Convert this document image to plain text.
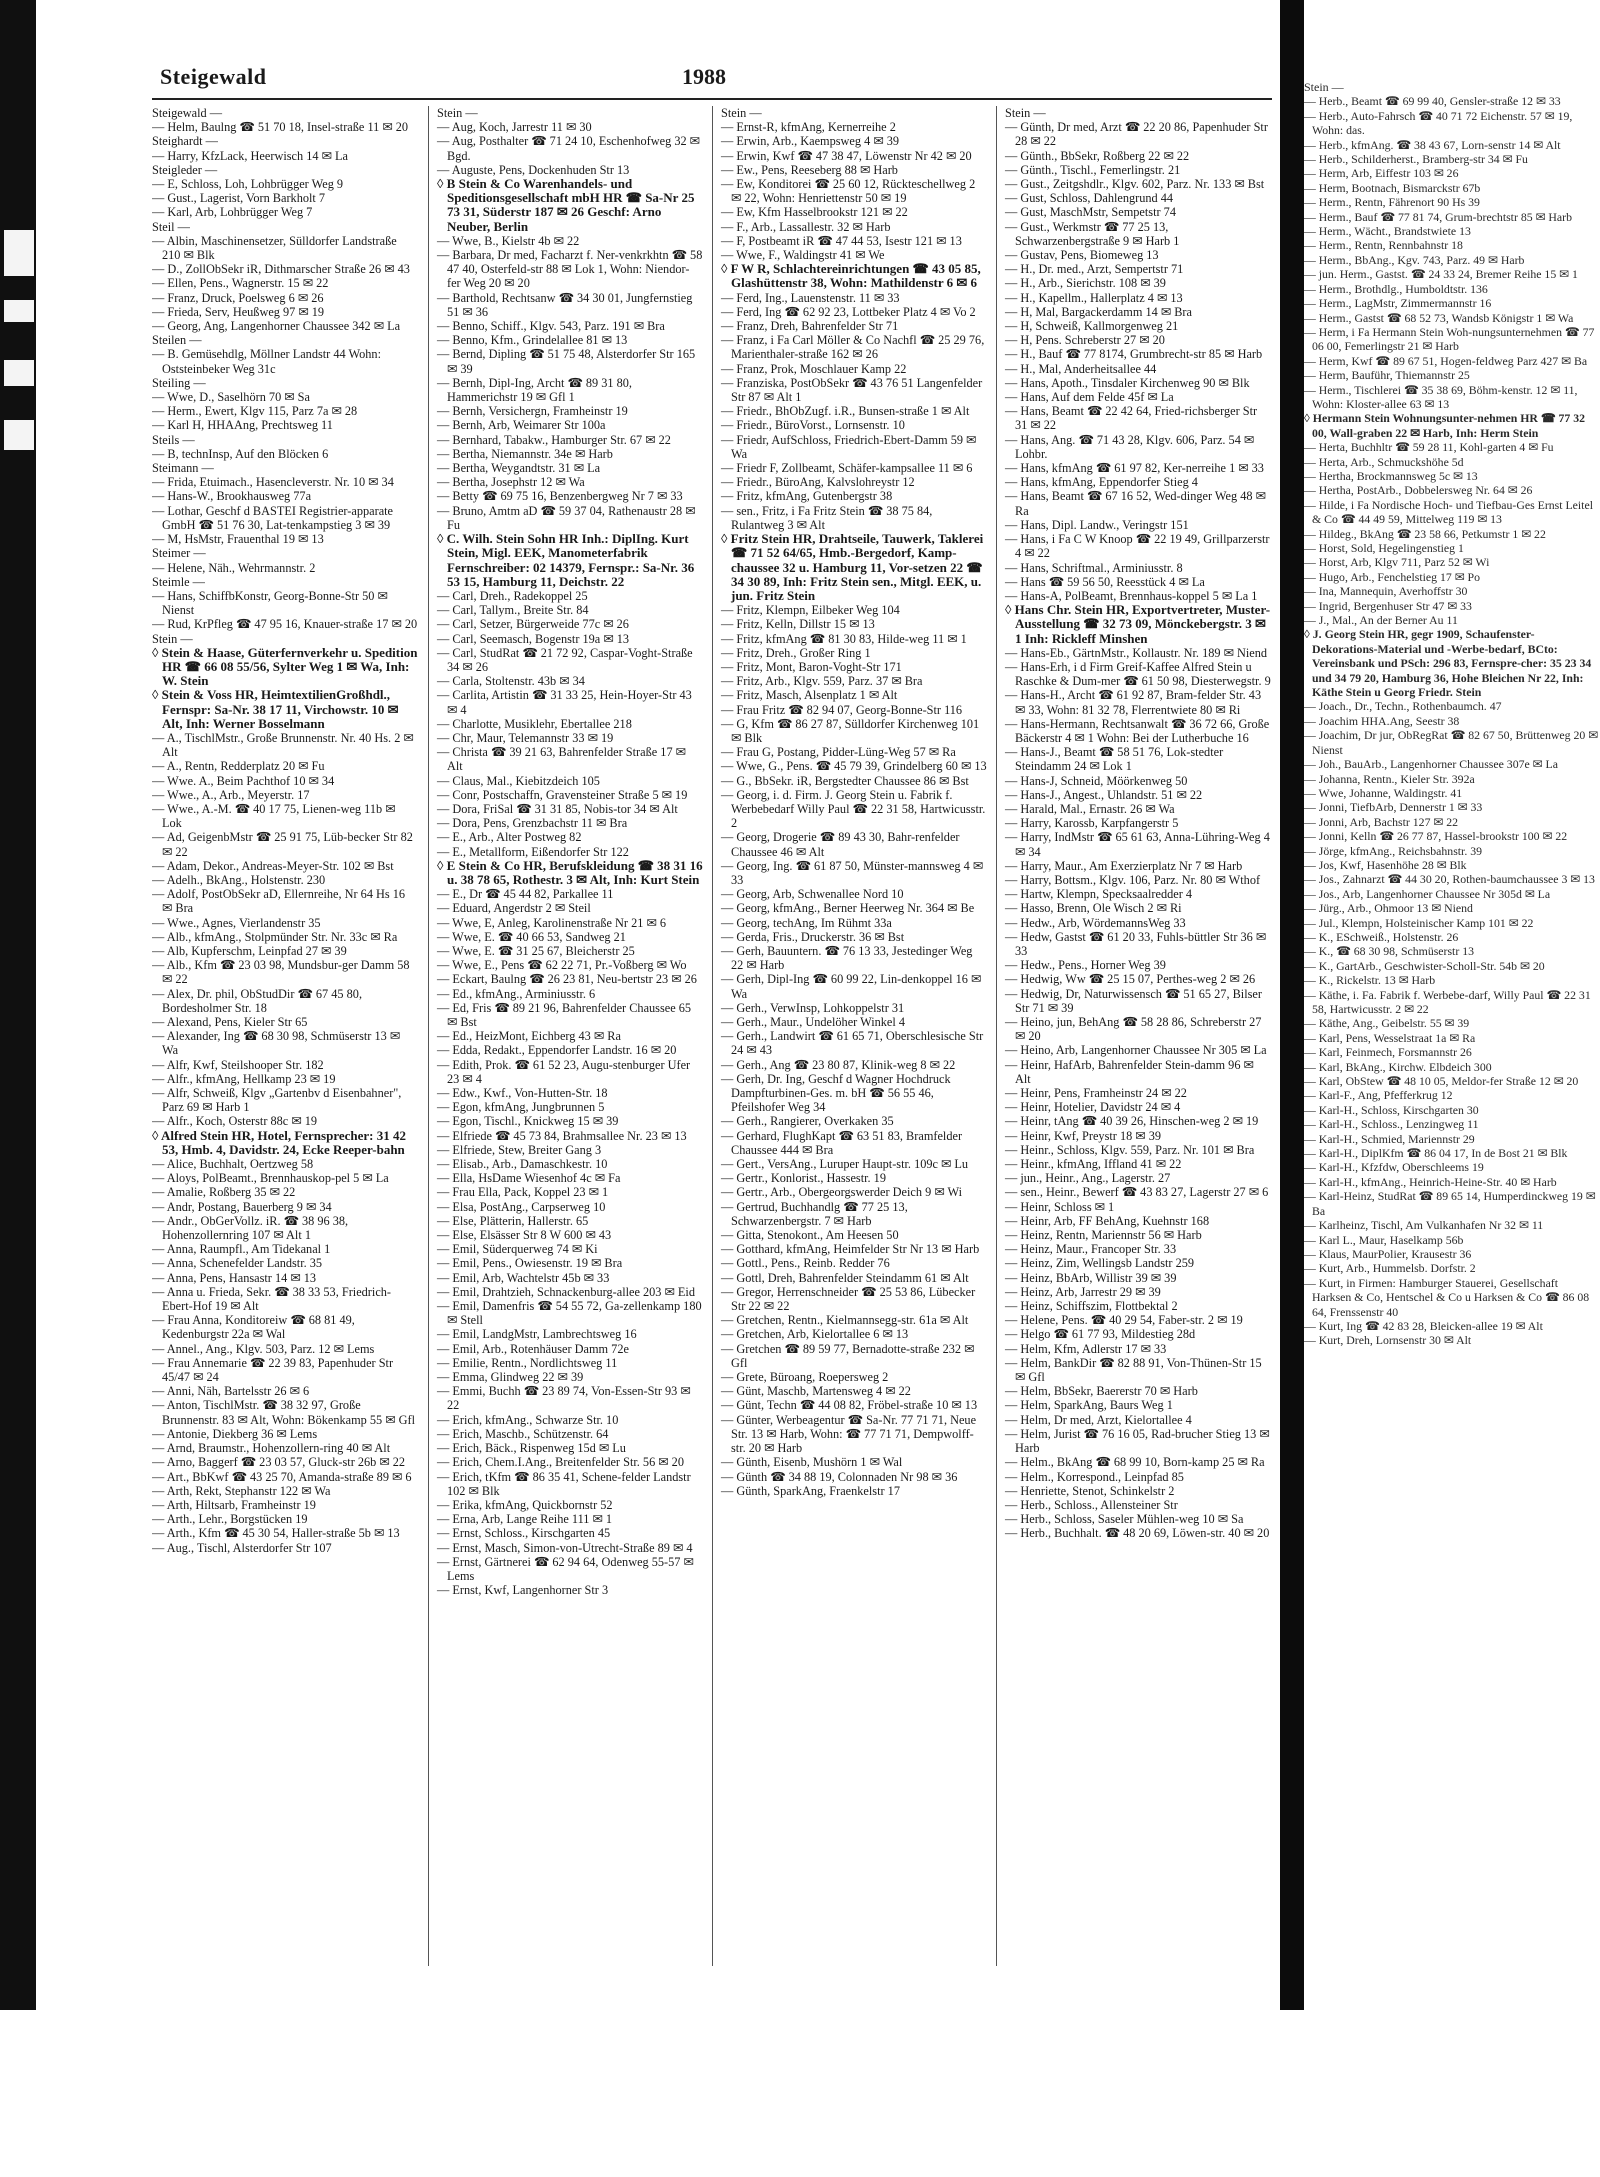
Steigewald	1988

Steigewald —

— Helm, Baulng ☎ 51 70 18, Insel-straße 11 ✉ 20

Steighardt —

— Harry, KfzLack, Heerwisch 14 ✉ La

Steigleder —

— E, Schloss, Loh, Lohbrügger Weg 9

— Gust., Lagerist, Vorn Barkholt 7

— Karl, Arb, Lohbrügger Weg 7

Steil —

— Albin, Maschinensetzer, Sülldorfer Landstraße 210 ✉ Blk

— D., ZollObSekr iR, Dithmarscher Straße 26 ✉ 43

— Ellen, Pens., Wagnerstr. 15 ✉ 22

— Franz, Druck, Poelsweg 6 ✉ 26

— Frieda, Serv, Heußweg 97 ✉ 19

— Georg, Ang, Langenhorner Chaussee 342 ✉ La

Steilen —

— B. Gemüsehdlg, Möllner Landstr 44 Wohn: Oststeinbeker Weg 31c

Steiling —

— Wwe, D., Saselhörn 70 ✉ Sa

— Herm., Ewert, Klgv 115, Parz 7a ✉ 28

— Karl H, HHAAng, Prechtsweg 11

Steils —

— B, technInsp, Auf den Blöcken 6

Steimann —

— Frida, Etuimach., Hasencleverstr. Nr. 10 ✉ 34

— Hans-W., Brookhausweg 77a

— Lothar, Geschf d BASTEI Registrier-apparate GmbH ☎ 51 76 30, Lat-tenkampstieg 3 ✉ 39

— M, HsMstr, Frauenthal 19 ✉ 13

Steimer —

— Helene, Näh., Wehrmannstr. 2

Steimle —

— Hans, SchiffbKonstr, Georg-Bonne-Str 50 ✉ Nienst

— Rud, KrPfleg ☎ 47 95 16, Knauer-straße 17 ✉ 20

Stein —

◊ Stein & Haase, Güterfernverkehr u. Spedition HR ☎ 66 08 55/56, Sylter Weg 1 ✉ Wa, Inh: W. Stein

◊ Stein & Voss HR, HeimtextilienGroßhdl., Fernspr: Sa-Nr. 38 17 11, Virchowstr. 10 ✉ Alt, Inh: Werner Bosselmann

— A., TischlMstr., Große Brunnenstr. Nr. 40 Hs. 2 ✉ Alt

— A., Rentn, Redderplatz 20 ✉ Fu

— Wwe. A., Beim Pachthof 10 ✉ 34

— Wwe., A., Arb., Meyerstr. 17

— Wwe., A.-M. ☎ 40 17 75, Lienen-weg 11b ✉ Lok

— Ad, GeigenbMstr ☎ 25 91 75, Lüb-becker Str 82 ✉ 22

— Adam, Dekor., Andreas-Meyer-Str. 102 ✉ Bst

— Adelh., BkAng., Holstenstr. 230

— Adolf, PostObSekr aD, Ellernreihe, Nr 64 Hs 16 ✉ Bra

— Wwe., Agnes, Vierlandenstr 35

— Alb., kfmAng., Stolpmünder Str. Nr. 33c ✉ Ra

— Alb, Kupferschm, Leinpfad 27 ✉ 39

— Alb., Kfm ☎ 23 03 98, Mundsbur-ger Damm 58 ✉ 22

— Alex, Dr. phil, ObStudDir ☎ 67 45 80, Bordesholmer Str. 18

— Alexand, Pens, Kieler Str 65

— Alexander, Ing ☎ 68 30 98, Schmüserstr 13 ✉ Wa

— Alfr, Kwf, Steilshooper Str. 182

— Alfr., kfmAng, Hellkamp 23 ✉ 19

— Alfr, Schweiß, Klgv „Gartenbv d Eisenbahner", Parz 69 ✉ Harb 1

— Alfr., Koch, Osterstr 88c ✉ 19

◊ Alfred Stein HR, Hotel, Fernsprecher: 31 42 53, Hmb. 4, Davidstr. 24, Ecke Reeper-bahn

— Alice, Buchhalt, Oertzweg 58

— Aloys, PolBeamt., Brennhauskop-pel 5 ✉ La

— Amalie, Roßberg 35 ✉ 22

— Andr, Postang, Bauerberg 9 ✉ 34

— Andr., ObGerVollz. iR. ☎ 38 96 38, Hohenzollernring 107 ✉ Alt 1

— Anna, Raumpfl., Am Tidekanal 1

— Anna, Schenefelder Landstr. 35

— Anna, Pens, Hansastr 14 ✉ 13

— Anna u. Frieda, Sekr. ☎ 38 33 53, Friedrich-Ebert-Hof 19 ✉ Alt

— Frau Anna, Konditoreiw ☎ 68 81 49, Kedenburgstr 22a ✉ Wal

— Annel., Ang., Klgv. 503, Parz. 12 ✉ Lems

— Frau Annemarie ☎ 22 39 83, Papenhuder Str 45/47 ✉ 24

— Anni, Näh, Bartelsstr 26 ✉ 6

— Anton, TischlMstr. ☎ 38 32 97, Große Brunnenstr. 83 ✉ Alt, Wohn: Bökenkamp 55 ✉ Gfl

— Antonie, Diekberg 36 ✉ Lems

— Arnd, Braumstr., Hohenzollern-ring 40 ✉ Alt

— Arno, Baggerf ☎ 23 03 57, Gluck-str 26b ✉ 22

— Art., BbKwf ☎ 43 25 70, Amanda-straße 89 ✉ 6

— Arth, Rekt, Stephanstr 122 ✉ Wa

— Arth, Hiltsarb, Framheinstr 19

— Arth., Lehr., Borgstücken 19

— Arth., Kfm ☎ 45 30 54, Haller-straße 5b ✉ 13

— Aug., Tischl, Alsterdorfer Str 107

Stein —

— Aug, Koch, Jarrestr 11 ✉ 30

— Aug, Posthalter ☎ 71 24 10, Eschenhofweg 32 ✉ Bgd.

— Auguste, Pens, Dockenhuden Str 13

◊ B Stein & Co Warenhandels- und Speditionsgesellschaft mbH HR ☎ Sa-Nr 25 73 31, Süderstr 187 ✉ 26 Geschf: Arno Neuber, Berlin

— Wwe, B., Kielstr 4b ✉ 22

— Barbara, Dr med, Facharzt f. Ner-venkrkhtn ☎ 58 47 40, Osterfeld-str 88 ✉ Lok 1, Wohn: Niendor-fer Weg 20 ✉ 20

— Barthold, Rechtsanw ☎ 34 30 01, Jungfernstieg 51 ✉ 36

— Benno, Schiff., Klgv. 543, Parz. 191 ✉ Bra

— Benno, Kfm., Grindelallee 81 ✉ 13

— Bernd, Dipling ☎ 51 75 48, Alsterdorfer Str 165 ✉ 39

— Bernh, Dipl-Ing, Archt ☎ 89 31 80, Hammerichstr 19 ✉ Gfl 1

— Bernh, Versichergn, Framheinstr 19

— Bernh, Arb, Weimarer Str 100a

— Bernhard, Tabakw., Hamburger Str. 67 ✉ 22

— Bertha, Niemannstr. 34e ✉ Harb

— Bertha, Weygandtstr. 31 ✉ La

— Bertha, Josephstr 12 ✉ Wa

— Betty ☎ 69 75 16, Benzenbergweg Nr 7 ✉ 33

— Bruno, Amtm aD ☎ 59 37 04, Rathenaustr 28 ✉ Fu

◊ C. Wilh. Stein Sohn HR Inh.: DiplIng. Kurt Stein, Migl. EEK, Manometerfabrik Fernschreiber: 02 14379, Fernspr.: Sa-Nr. 36 53 15, Hamburg 11, Deichstr. 22

— Carl, Dreh., Radekoppel 25

— Carl, Tallym., Breite Str. 84

— Carl, Setzer, Bürgerweide 77c ✉ 26

— Carl, Seemasch, Bogenstr 19a ✉ 13

— Carl, StudRat ☎ 21 72 92, Caspar-Voght-Straße 34 ✉ 26

— Carla, Stoltenstr. 43b ✉ 34

— Carlita, Artistin ☎ 31 33 25, Hein-Hoyer-Str 43 ✉ 4

— Charlotte, Musiklehr, Ebertallee 218

— Chr, Maur, Telemannstr 33 ✉ 19

— Christa ☎ 39 21 63, Bahrenfelder Straße 17 ✉ Alt

— Claus, Mal., Kiebitzdeich 105

— Conr, Postschaffn, Gravensteiner Straße 5 ✉ 19

— Dora, FriSal ☎ 31 31 85, Nobis-tor 34 ✉ Alt

— Dora, Pens, Grenzbachstr 11 ✉ Bra

— E., Arb., Alter Postweg 82

— E., Metallform, Eißendorfer Str 122

◊ E Stein & Co HR, Berufskleidung ☎ 38 31 16 u. 38 78 65, Rothestr. 3 ✉ Alt, Inh: Kurt Stein

— E., Dr ☎ 45 44 82, Parkallee 11

— Eduard, Angerdstr 2 ✉ Steil

— Wwe, E, Anleg, Karolinenstraße Nr 21 ✉ 6

— Wwe, E. ☎ 40 66 53, Sandweg 21

— Wwe, E. ☎ 31 25 67, Bleicherstr 25

— Wwe, E., Pens ☎ 62 22 71, Pr.-Voßberg ✉ Wo

— Eckart, Baulng ☎ 26 23 81, Neu-bertstr 23 ✉ 26

— Ed., kfmAng., Arminiusstr. 6

— Ed, Fris ☎ 89 21 96, Bahrenfelder Chaussee 65 ✉ Bst

— Ed., HeizMont, Eichberg 43 ✉ Ra

— Edda, Redakt., Eppendorfer Landstr. 16 ✉ 20

— Edith, Prok. ☎ 61 52 23, Augu-stenburger Ufer 23 ✉ 4

— Edw., Kwf., Von-Hutten-Str. 18

— Egon, kfmAng, Jungbrunnen 5

— Egon, Tischl., Knickweg 15 ✉ 39

— Elfriede ☎ 45 73 84, Brahmsallee Nr. 23 ✉ 13

— Elfriede, Stew, Breiter Gang 3

— Elisab., Arb., Damaschkestr. 10

— Ella, HsDame Wiesenhof 4c ✉ Fa

— Frau Ella, Pack, Koppel 23 ✉ 1

— Elsa, PostAng., Carpserweg 10

— Else, Plätterin, Hallerstr. 65

— Else, Elsässer Str 8 W 600 ✉ 43

— Emil, Süderquerweg 74 ✉ Ki

— Emil, Pens., Owiesenstr. 19 ✉ Bra

— Emil, Arb, Wachtelstr 45b ✉ 33

— Emil, Drahtzieh, Schnackenburg-allee 203 ✉ Eid

— Emil, Damenfris ☎ 54 55 72, Ga-zellenkamp 180 ✉ Stell

— Emil, LandgMstr, Lambrechtsweg 16

— Emil, Arb., Rotenhäuser Damm 72e

— Emilie, Rentn., Nordlichtsweg 11

— Emma, Glindweg 22 ✉ 39

— Emmi, Buchh ☎ 23 89 74, Von-Essen-Str 93 ✉ 22

— Erich, kfmAng., Schwarze Str. 10

— Erich, Maschb., Schützenstr. 64

— Erich, Bäck., Rispenweg 15d ✉ Lu

— Erich, Chem.I.Ang., Breitenfelder Str. 56 ✉ 20

— Erich, tKfm ☎ 86 35 41, Schene-felder Landstr 102 ✉ Blk

— Erika, kfmAng, Quickbornstr 52

— Erna, Arb, Lange Reihe 111 ✉ 1

— Ernst, Schloss., Kirschgarten 45

— Ernst, Masch, Simon-von-Utrecht-Straße 89 ✉ 4

— Ernst, Gärtnerei ☎ 62 94 64, Odenweg 55-57 ✉ Lems

— Ernst, Kwf, Langenhorner Str 3

Stein —

— Ernst-R, kfmAng, Kernerreihe 2

— Erwin, Arb., Kaempsweg 4 ✉ 39

— Erwin, Kwf ☎ 47 38 47, Löwenstr Nr 42 ✉ 20

— Ew., Pens, Reeseberg 88 ✉ Harb

— Ew, Konditorei ☎ 25 60 12, Rückteschellweg 2 ✉ 22, Wohn: Henriettenstr 50 ✉ 19

— Ew, Kfm Hasselbrookstr 121 ✉ 22

— F., Arb., Lassallestr. 32 ✉ Harb

— F, Postbeamt iR ☎ 47 44 53, Isestr 121 ✉ 13

— Wwe, F., Waldingstr 41 ✉ We

◊ F W R, Schlachtereinrichtungen ☎ 43 05 85, Glashüttenstr 38, Wohn: Mathildenstr 6 ✉ 6

— Ferd, Ing., Lauenstenstr. 11 ✉ 33

— Ferd, Ing ☎ 62 92 23, Lottbeker Platz 4 ✉ Vo 2

— Franz, Dreh, Bahrenfelder Str 71

— Franz, i Fa Carl Möller & Co Nachfl ☎ 25 29 76, Marienthaler-straße 162 ✉ 26

— Franz, Prok, Moschlauer Kamp 22

— Franziska, PostObSekr ☎ 43 76 51 Langenfelder Str 87 ✉ Alt 1

— Friedr., BhObZugf. i.R., Bunsen-straße 1 ✉ Alt

— Friedr., BüroVorst., Lornsenstr. 10

— Friedr, AufSchloss, Friedrich-Ebert-Damm 59 ✉ Wa

— Friedr F, Zollbeamt, Schäfer-kampsallee 11 ✉ 6

— Friedr., BüroAng, Kalvslohreystr 12

— Fritz, kfmAng, Gutenbergstr 38

— sen., Fritz, i Fa Fritz Stein ☎ 38 75 84, Rulantweg 3 ✉ Alt

◊ Fritz Stein HR, Drahtseile, Tauwerk, Taklerei ☎ 71 52 64/65, Hmb.-Bergedorf, Kamp-chaussee 32 u. Hamburg 11, Vor-setzen 22 ☎ 34 30 89, Inh: Fritz Stein sen., Mitgl. EEK, u. jun. Fritz Stein

— Fritz, Klempn, Eilbeker Weg 104

— Fritz, Kelln, Dillstr 15 ✉ 13

— Fritz, kfmAng ☎ 81 30 83, Hilde-weg 11 ✉ 1

— Fritz, Dreh., Großer Ring 1

— Fritz, Mont, Baron-Voght-Str 171

— Fritz, Arb., Klgv. 559, Parz. 37 ✉ Bra

— Fritz, Masch, Alsenplatz 1 ✉ Alt

— Frau Fritz ☎ 82 94 07, Georg-Bonne-Str 116

— G, Kfm ☎ 86 27 87, Sülldorfer Kirchenweg 101 ✉ Blk

— Frau G, Postang, Pidder-Lüng-Weg 57 ✉ Ra

— Wwe, G., Pens. ☎ 45 79 39, Grindelberg 60 ✉ 13

— G., BbSekr. iR, Bergstedter Chaussee 86 ✉ Bst

— Georg, i. d. Firm. J. Georg Stein u. Fabrik f. Werbebedarf Willy Paul ☎ 22 31 58, Hartwicusstr. 2

— Georg, Drogerie ☎ 89 43 30, Bahr-renfelder Chaussee 46 ✉ Alt

— Georg, Ing. ☎ 61 87 50, Münster-mannsweg 4 ✉ 33

— Georg, Arb, Schwenallee Nord 10

— Georg, kfmAng., Berner Heerweg Nr. 364 ✉ Be

— Georg, techAng, Im Rühmt 33a

— Gerda, Fris., Druckerstr. 36 ✉ Bst

— Gerh, Bauuntern. ☎ 76 13 33, Jestedinger Weg 22 ✉ Harb

— Gerh, Dipl-Ing ☎ 60 99 22, Lin-denkoppel 16 ✉ Wa

— Gerh., VerwInsp, Lohkoppelstr 31

— Gerh., Maur., Undelöher Winkel 4

— Gerh., Landwirt ☎ 61 65 71, Oberschlesische Str 24 ✉ 43

— Gerh., Ang ☎ 23 80 87, Klinik-weg 8 ✉ 22

— Gerh, Dr. Ing, Geschf d Wagner Hochdruck Dampfturbinen-Ges. m. bH ☎ 56 55 46, Pfeilshofer Weg 34

— Gerh., Rangierer, Overkaken 35

— Gerhard, FlughKapt ☎ 63 51 83, Bramfelder Chaussee 444 ✉ Bra

— Gert., VersAng., Luruper Haupt-str. 109c ✉ Lu

— Gertr., Konlorist., Hassestr. 19

— Gertr., Arb., Obergeorgswerder Deich 9 ✉ Wi

— Gertrud, Buchhandlg ☎ 77 25 13, Schwarzenbergstr. 7 ✉ Harb

— Gitta, Stenokont., Am Heesen 50

— Gotthard, kfmAng, Heimfelder Str Nr 13 ✉ Harb

— Gottl., Pens., Reinb. Redder 76

— Gottl, Dreh, Bahrenfelder Steindamm 61 ✉ Alt

— Gregor, Herrenschneider ☎ 25 53 86, Lübecker Str 22 ✉ 22

— Gretchen, Rentn., Kielmannsegg-str. 61a ✉ Alt

— Gretchen, Arb, Kielortallee 6 ✉ 13

— Gretchen ☎ 89 59 77, Bernadotte-straße 232 ✉ Gfl

— Grete, Büroang, Roepersweg 2

— Günt, Maschb, Martensweg 4 ✉ 22

— Günt, Techn ☎ 44 08 82, Fröbel-straße 10 ✉ 13

— Günter, Werbeagentur ☎ Sa-Nr. 77 71 71, Neue Str. 13 ✉ Harb, Wohn: ☎ 77 71 71, Dempwolff-str. 20 ✉ Harb

— Günth, Eisenb, Mushörn 1 ✉ Wal

— Günth ☎ 34 88 19, Colonnaden Nr 98 ✉ 36

— Günth, SparkAng, Fraenkelstr 17

Stein —

— Günth, Dr med, Arzt ☎ 22 20 86, Papenhuder Str 28 ✉ 22

— Günth., BbSekr, Roßberg 22 ✉ 22

— Günth., Tischl., Femerlingstr. 21

— Gust., Zeitgshdlr., Klgv. 602, Parz. Nr. 133 ✉ Bst

— Gust, Schloss, Dahlengrund 44

— Gust, MaschMstr, Sempetstr 74

— Gust., Werkmstr ☎ 77 25 13, Schwarzenbergstraße 9 ✉ Harb 1

— Gustav, Pens, Biomeweg 13

— H., Dr. med., Arzt, Sempertstr 71

— H., Arb., Sierichstr. 108 ✉ 39

— H., Kapellm., Hallerplatz 4 ✉ 13

— H, Mal, Bargackerdamm 14 ✉ Bra

— H, Schweiß, Kallmorgenweg 21

— H, Pens. Schreberstr 27 ✉ 20

— H., Bauf ☎ 77 8174, Grumbrecht-str 85 ✉ Harb

— H., Mal, Anderheitsallee 44

— Hans, Apoth., Tinsdaler Kirchenweg 90 ✉ Blk

— Hans, Auf dem Felde 45f ✉ La

— Hans, Beamt ☎ 22 42 64, Fried-richsberger Str 31 ✉ 22

— Hans, Ang. ☎ 71 43 28, Klgv. 606, Parz. 54 ✉ Lohbr.

— Hans, kfmAng ☎ 61 97 82, Ker-nerreihe 1 ✉ 33

— Hans, kfmAng, Eppendorfer Stieg 4

— Hans, Beamt ☎ 67 16 52, Wed-dinger Weg 48 ✉ Ra

— Hans, Dipl. Landw., Veringstr 151

— Hans, i Fa C W Knoop ☎ 22 19 49, Grillparzerstr 4 ✉ 22

— Hans, Schriftmal., Arminiusstr. 8

— Hans ☎ 59 56 50, Reesstück 4 ✉ La

— Hans-A, PolBeamt, Brennhaus-koppel 5 ✉ La 1

◊ Hans Chr. Stein HR, Exportvertreter, Muster-Ausstellung ☎ 32 73 09, Mönckebergstr. 3 ✉ 1 Inh: Rickleff Minshen

— Hans-Eb., GärtnMstr., Kollaustr. Nr. 189 ✉ Niend

— Hans-Erh, i d Firm Greif-Kaffee Alfred Stein u Raschke & Dum-mer ☎ 61 50 98, Diesterwegstr. 9

— Hans-H., Archt ☎ 61 92 87, Bram-felder Str. 43 ✉ 33, Wohn: 81 32 78, Flerrentwiete 80 ✉ Ri

— Hans-Hermann, Rechtsanwalt ☎ 36 72 66, Große Bäckerstr 4 ✉ 1 Wohn: Bei der Lutherbuche 16

— Hans-J., Beamt ☎ 58 51 76, Lok-stedter Steindamm 24 ✉ Lok 1

— Hans-J, Schneid, Möörkenweg 50

— Hans-J., Angest., Uhlandstr. 51 ✉ 22

— Harald, Mal., Ernastr. 26 ✉ Wa

— Harry, Karossb, Karpfangerstr 5

— Harry, IndMstr ☎ 65 61 63, Anna-Lühring-Weg 4 ✉ 34

— Harry, Maur., Am Exerzierplatz Nr 7 ✉ Harb

— Harry, Bottsm., Klgv. 106, Parz. Nr. 80 ✉ Wthof

— Hartw, Klempn, Specksaalredder 4

— Hasso, Brenn, Ole Wisch 2 ✉ Ri

— Hedw., Arb, WördemannsWeg 33

— Hedw, Gastst ☎ 61 20 33, Fuhls-büttler Str 36 ✉ 33

— Hedw., Pens., Horner Weg 39

— Hedwig, Ww ☎ 25 15 07, Perthes-weg 2 ✉ 26

— Hedwig, Dr, Naturwissensch ☎ 51 65 27, Bilser Str 71 ✉ 39

— Heino, jun, BehAng ☎ 58 28 86, Schreberstr 27 ✉ 20

— Heino, Arb, Langenhorner Chaussee Nr 305 ✉ La

— Heinr, HafArb, Bahrenfelder Stein-damm 96 ✉ Alt

— Heinr, Pens, Framheinstr 24 ✉ 22

— Heinr, Hotelier, Davidstr 24 ✉ 4

— Heinr, tAng ☎ 40 39 26, Hinschen-weg 2 ✉ 19

— Heinr, Kwf, Preystr 18 ✉ 39

— Heinr., Schloss, Klgv. 559, Parz. Nr. 101 ✉ Bra

— Heinr., kfmAng, Iffland 41 ✉ 22

— jun., Heinr., Ang., Lagerstr. 27

— sen., Heinr., Bewerf ☎ 43 83 27, Lagerstr 27 ✉ 6

— Heinr, Schloss ✉ 1

— Heinr, Arb, FF BehAng, Kuehnstr 168

— Heinz, Rentn, Mariennstr 56 ✉ Harb

— Heinz, Maur., Francoper Str. 33

— Heinz, Zim, Wellingsb Landstr 259

— Heinz, BbArb, Willistr 39 ✉ 39

— Heinz, Arb, Jarrestr 29 ✉ 39

— Heinz, Schiffszim, Flottbektal 2

— Helene, Pens. ☎ 40 29 54, Faber-str. 2 ✉ 19

— Helgo ☎ 61 77 93, Mildestieg 28d

— Helm, Kfm, Adlerstr 17 ✉ 33

— Helm, BankDir ☎ 82 88 91, Von-Thünen-Str 15 ✉ Gfl

— Helm, BbSekr, Baererstr 70 ✉ Harb

— Helm, SparkAng, Baurs Weg 1

— Helm, Dr med, Arzt, Kielortallee 4

— Helm, Jurist ☎ 76 16 05, Rad-brucher Stieg 13 ✉ Harb

— Helm., BkAng ☎ 68 99 10, Born-kamp 25 ✉ Ra

— Helm., Korrespond., Leinpfad 85

— Henriette, Stenot, Schinkelstr 2

— Herb., Schloss., Allensteiner Str

— Herb., Schloss, Saseler Mühlen-weg 10 ✉ Sa

— Herb., Buchhalt. ☎ 48 20 69, Löwen-str. 40 ✉ 20

Stein —

— Herb., Beamt ☎ 69 99 40, Gensler-straße 12 ✉ 33

— Herb., Auto-Fahrsch ☎ 40 71 72 Eichenstr. 57 ✉ 19, Wohn: das.

— Herb., kfmAng. ☎ 38 43 67, Lorn-senstr 14 ✉ Alt

— Herb., Schilderherst., Bramberg-str 34 ✉ Fu

— Herm, Arb, Eiffestr 103 ✉ 26

— Herm, Bootnach, Bismarckstr 67b

— Herm., Rentn, Fährenort 90 Hs 39

— Herm., Bauf ☎ 77 81 74, Grum-brechtstr 85 ✉ Harb

— Herm., Wächt., Brandstwiete 13

— Herm., Rentn, Rennbahnstr 18

— Herm., BbAng., Kgv. 743, Parz. 49 ✉ Harb

— jun. Herm., Gastst. ☎ 24 33 24, Bremer Reihe 15 ✉ 1

— Herm., Brothdlg., Humboldtstr. 136

— Herm., LagMstr, Zimmermannstr 16

— Herm., Gastst ☎ 68 52 73, Wandsb Königstr 1 ✉ Wa

— Herm, i Fa Hermann Stein Woh-nungsunternehmen ☎ 77 06 00, Femerlingstr 21 ✉ Harb

— Herm, Kwf ☎ 89 67 51, Hogen-feldweg Parz 427 ✉ Ba

— Herm, Bauführ, Thiemannstr 25

— Herm., Tischlerei ☎ 35 38 69, Böhm-kenstr. 12 ✉ 11, Wohn: Kloster-allee 63 ✉ 13

◊ Hermann Stein Wohnungsunter-nehmen HR ☎ 77 32 00, Wall-graben 22 ✉ Harb, Inh: Herm Stein

— Herta, Buchhltr ☎ 59 28 11, Kohl-garten 4 ✉ Fu

— Herta, Arb., Schmuckshöhe 5d

— Hertha, Brockmannsweg 5c ✉ 13

— Hertha, PostArb., Dobbelersweg Nr. 64 ✉ 26

— Hilde, i Fa Nordische Hoch- und Tiefbau-Ges Ernst Leitel & Co ☎ 44 49 59, Mittelweg 119 ✉ 13

— Hildeg., BkAng ☎ 23 58 66, Petkumstr 1 ✉ 22

— Horst, Sold, Hegelingenstieg 1

— Horst, Arb, Klgv 711, Parz 52 ✉ Wi

— Hugo, Arb., Fenchelstieg 17 ✉ Po

— Ina, Mannequin, Averhoffstr 30

— Ingrid, Bergenhuser Str 47 ✉ 33

— J., Mal., An der Berner Au 11

◊ J. Georg Stein HR, gegr 1909, Schaufenster-Dekorations-Material und -Werbe-bedarf, BCto: Vereinsbank und PSch: 296 83, Fernspre-cher: 35 23 34 und 34 79 20, Hamburg 36, Hohe Bleichen Nr 22, Inh: Käthe Stein u Georg Friedr. Stein

— Joach., Dr., Techn., Rothenbaumch. 47

— Joachim HHA.Ang, Seestr 38

— Joachim, Dr jur, ObRegRat ☎ 82 67 50, Brüttenweg 20 ✉ Nienst

— Joh., BauArb., Langenhorner Chaussee 307e ✉ La

— Johanna, Rentn., Kieler Str. 392a

— Wwe, Johanne, Waldingstr. 41

— Jonni, TiefbArb, Dennerstr 1 ✉ 33

— Jonni, Arb, Bachstr 127 ✉ 22

— Jonni, Kelln ☎ 26 77 87, Hassel-brookstr 100 ✉ 22

— Jörge, kfmAng., Reichsbahnstr. 39

— Jos, Kwf, Hasenhöhe 28 ✉ Blk

— Jos., Zahnarzt ☎ 44 30 20, Rothen-baumchaussee 3 ✉ 13

— Jos., Arb, Langenhorner Chaussee Nr 305d ✉ La

— Jürg., Arb., Ohmoor 13 ✉ Niend

— Jul., Klempn, Holsteinischer Kamp 101 ✉ 22

— K., ESchweiß., Holstenstr. 26

— K., ☎ 68 30 98, Schmüserstr 13

— K., GartArb., Geschwister-Scholl-Str. 54b ✉ 20

— K., Rickelstr. 13 ✉ Harb

— Käthe, i. Fa. Fabrik f. Werbebe-darf, Willy Paul ☎ 22 31 58, Hartwicusstr. 2 ✉ 22

— Käthe, Ang., Geibelstr. 55 ✉ 39

— Karl, Pens, Wesselstraat 1a ✉ Ra

— Karl, Feinmech, Forsmannstr 26

— Karl, BkAng., Kirchw. Elbdeich 300

— Karl, ObStew ☎ 48 10 05, Meldor-fer Straße 12 ✉ 20

— Karl-F., Ang, Pfefferkrug 12

— Karl-H., Schloss, Kirschgarten 30

— Karl-H., Schloss., Lenzingweg 11

— Karl-H., Schmied, Mariennstr 29

— Karl-H., DiplKfm ☎ 86 04 17, In de Bost 21 ✉ Blk

— Karl-H., Kfzfdw, Oberschleems 19

— Karl-H., kfmAng., Heinrich-Heine-Str. 40 ✉ Harb

— Karl-Heinz, StudRat ☎ 89 65 14, Humperdinckweg 19 ✉ Ba

— Karlheinz, Tischl, Am Vulkanhafen Nr 32 ✉ 11

— Karl L., Maur, Haselkamp 56b

— Klaus, MaurPolier, Krausestr 36

— Kurt, Arb., Hummelsb. Dorfstr. 2

— Kurt, in Firmen: Hamburger Stauerei, Gesellschaft Harksen & Co, Hentschel & Co u Harksen & Co ☎ 86 08 64, Frenssenstr 40

— Kurt, Ing ☎ 42 83 28, Bleicken-allee 19 ✉ Alt

— Kurt, Dreh, Lornsenstr 30 ✉ Alt
